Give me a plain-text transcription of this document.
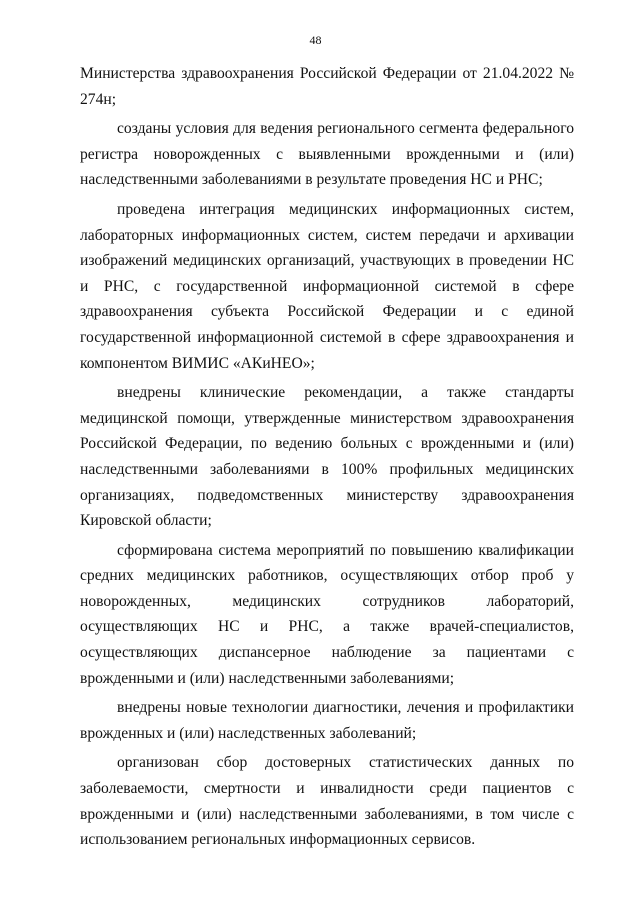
48

Министерства здравоохранения Российской Федерации от 21.04.2022 № 274н;

созданы условия для ведения регионального сегмента федерального регистра новорожденных с выявленными врожденными и (или) наследственными заболеваниями в результате проведения НС и РНС;

проведена интеграция медицинских информационных систем, лабораторных информационных систем, систем передачи и архивации изображений медицинских организаций, участвующих в проведении НС и РНС, с государственной информационной системой в сфере здравоохранения субъекта Российской Федерации и с единой государственной информационной системой в сфере здравоохранения и компонентом ВИМИС «АКиНЕО»;

внедрены клинические рекомендации, а также стандарты медицинской помощи, утвержденные министерством здравоохранения Российской Федерации, по ведению больных с врожденными и (или) наследственными заболеваниями в 100% профильных медицинских организациях, подведомственных министерству здравоохранения Кировской области;

сформирована система мероприятий по повышению квалификации средних медицинских работников, осуществляющих отбор проб у новорожденных, медицинских сотрудников лабораторий, осуществляющих НС и РНС, а также врачей-специалистов, осуществляющих диспансерное наблюдение за пациентами с врожденными и (или) наследственными заболеваниями;

внедрены новые технологии диагностики, лечения и профилактики врожденных и (или) наследственных заболеваний;

организован сбор достоверных статистических данных по заболеваемости, смертности и инвалидности среди пациентов с врожденными и (или) наследственными заболеваниями, в том числе с использованием региональных информационных сервисов.
